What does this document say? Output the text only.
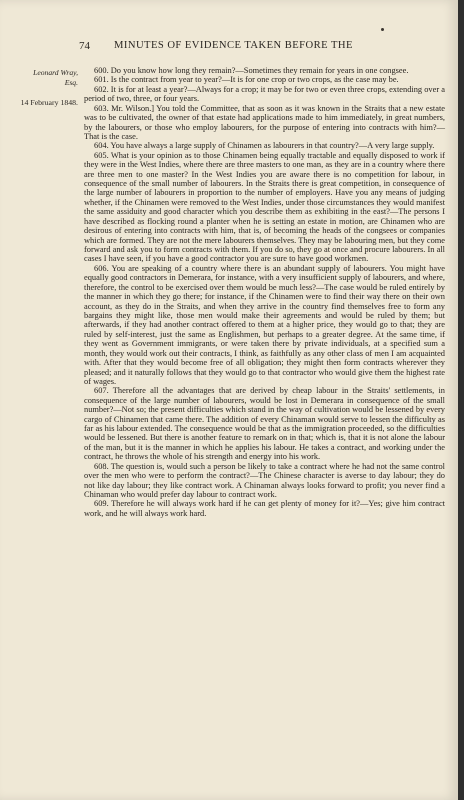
74 MINUTES OF EVIDENCE TAKEN BEFORE THE
Leonard Wray,
Esq.
14 February 1848.

600. Do you know how long they remain?—Sometimes they remain for years in one congsee.

601. Is the contract from year to year?—It is for one crop or two crops, as the case may be.

602. It is for at least a year?—Always for a crop; it may be for two or even three crops, extending over a period of two, three, or four years.

603. Mr. Wilson.] You told the Committee, that as soon as it was known in the Straits that a new estate was to be cultivated, the owner of that estate had applications made to him immediately, in great numbers, by the labourers, or those who employ labourers, for the purpose of entering into contracts with him?—That is the case.

604. You have always a large supply of Chinamen as labourers in that country?—A very large supply.

605. What is your opinion as to those Chinamen being equally tractable and equally disposed to work if they were in the West Indies, where there are three masters to one man, as they are in a country where there are three men to one master? In the West Indies you are aware there is no competition for labour, in consequence of the small number of labourers. In the Straits there is great competition, in consequence of the large number of labourers in proportion to the number of employers. Have you any means of judging whether, if the Chinamen were removed to the West Indies, under those circumstances they would manifest the same assiduity and good character which you describe them as exhibiting in the east?—The persons I have described as flocking round a planter when he is setting an estate in motion, are Chinamen who are desirous of entering into contracts with him, that is, of becoming the heads of the congsees or companies which are formed. They are not the mere labourers themselves. They may be labouring men, but they come forward and ask you to form contracts with them. If you do so, they go at once and procure labourers. In all cases I have seen, if you have a good contractor you are sure to have good workmen.

606. You are speaking of a country where there is an abundant supply of labourers. You might have equally good contractors in Demerara, for instance, with a very insufficient supply of labourers, and where, therefore, the control to be exercised over them would be much less?—The case would be ruled entirely by the manner in which they go there; for instance, if the Chinamen were to find their way there on their own account, as they do in the Straits, and when they arrive in the country find themselves free to form any bargains they might like, those men would make their agreements and would be ruled by them; but afterwards, if they had another contract offered to them at a higher price, they would go to that; they are ruled by self-interest, just the same as Englishmen, but perhaps to a greater degree. At the same time, if they went as Government immigrants, or were taken there by private individuals, at a specified sum a month, they would work out their contracts, I think, as faithfully as any other class of men I am acquainted with. After that they would become free of all obligation; they might then form contracts wherever they pleased; and it naturally follows that they would go to that contractor who would give them the highest rate of wages.

607. Therefore all the advantages that are derived by cheap labour in the Straits' settlements, in consequence of the large number of labourers, would be lost in Demerara in consequence of the small number?—Not so; the present difficulties which stand in the way of cultivation would be lessened by every cargo of Chinamen that came there. The addition of every Chinaman would serve to lessen the difficulty as far as his labour extended. The consequence would be that as the immigration proceeded, so the difficulties would be lessened. But there is another feature to remark on in that; which is, that it is not alone the labour of the man, but it is the manner in which he applies his labour. He takes a contract, and working under the contract, he throws the whole of his strength and energy into his work.

608. The question is, would such a person be likely to take a contract where he had not the same control over the men who were to perform the contract?—The Chinese character is averse to day labour; they do not like day labour; they like contract work. A Chinaman always looks forward to profit; you never find a Chinaman who would prefer day labour to contract work.

609. Therefore he will always work hard if he can get plenty of money for it?—Yes; give him contract work, and he will always work hard.
